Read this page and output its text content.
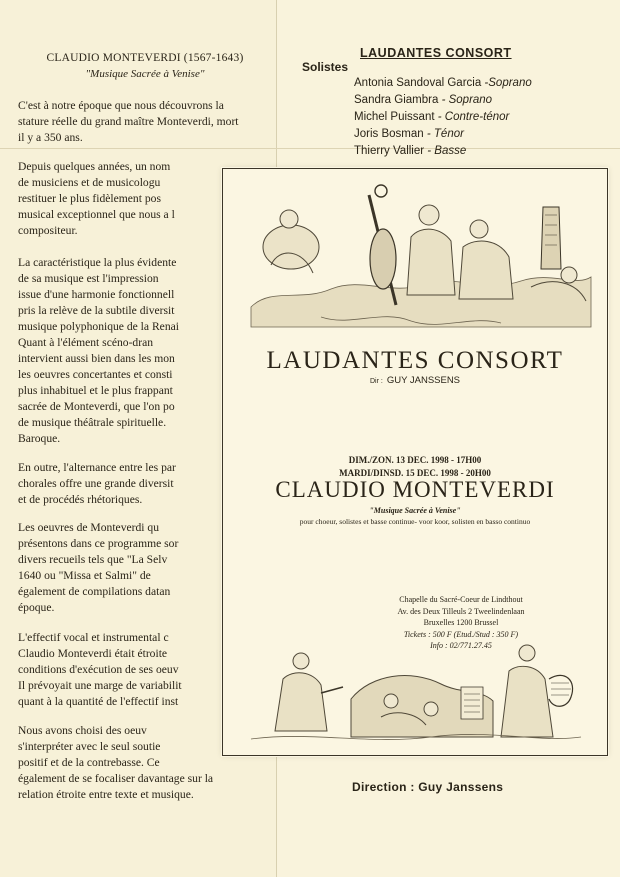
CLAUDIO MONTEVERDI (1567-1643)
"Musique Sacrée à Venise"
C'est à notre époque que nous découvrons la
stature réelle du grand maître Monteverdi, mort
il y a 350 ans.
Depuis quelques années, un nom
de musiciens et de musicologu
restituer le plus fidèlement pos
musical exceptionnel que nous a l
compositeur.
La caractéristique la plus évidente
de sa musique est l'impression
issue d'une harmonie fonctionnell
pris la relève de la subtile diversit
musique polyphonique de la Renai
Quant à l'élément scéno-dran
intervient aussi bien dans les mon
les oeuvres concertantes et consti
plus inhabituel et le plus frappant
sacrée de Monteverdi, que l'on po
de musique théâtrale spirituelle.
Baroque.
En outre, l'alternance entre les par
chorales offre une grande diversit
et de procédés rhétoriques.
Les oeuvres de Monteverdi qu
présentons dans ce programme sor
divers recueils tels que "La Selv
1640 ou "Missa et Salmi" de
également de compilations datan
époque.
L'effectif vocal et instrumental c
Claudio Monteverdi était étroite
conditions d'exécution de ses oeuv
Il prévoyait une marge de variabilit
quant à la quantité de l'effectif inst
Nous avons choisi des oeuv
s'interpréter avec le seul soutie
positif et de la contrebasse. Ce
également de se focaliser davantage sur la
relation étroite entre texte et musique.
LAUDANTES CONSORT
Solistes
Antonia Sandoval Garcia -Soprano
Sandra Giambra - Soprano
Michel Puissant - Contre-ténor
Joris Bosman - Ténor
Thierry Vallier - Basse
LAUDANTES CONSORT
Dir : GUY JANSSENS
DIM./ZON. 13 DEC. 1998 - 17H00
MARDI/DINSD. 15 DEC. 1998 - 20H00
CLAUDIO MONTEVERDI
"Musique Sacrée à Venise"
pour choeur, solistes et basse continue- voor koor, solisten en basso continuo
Chapelle du Sacré-Coeur de Lindthout
Av. des Deux Tilleuls 2 Tweelindenlaan
Bruxelles 1200 Brussel
Tickets : 500 F (Etud./Stud : 350 F)
Info : 02/771.27.45
Direction : Guy Janssens
